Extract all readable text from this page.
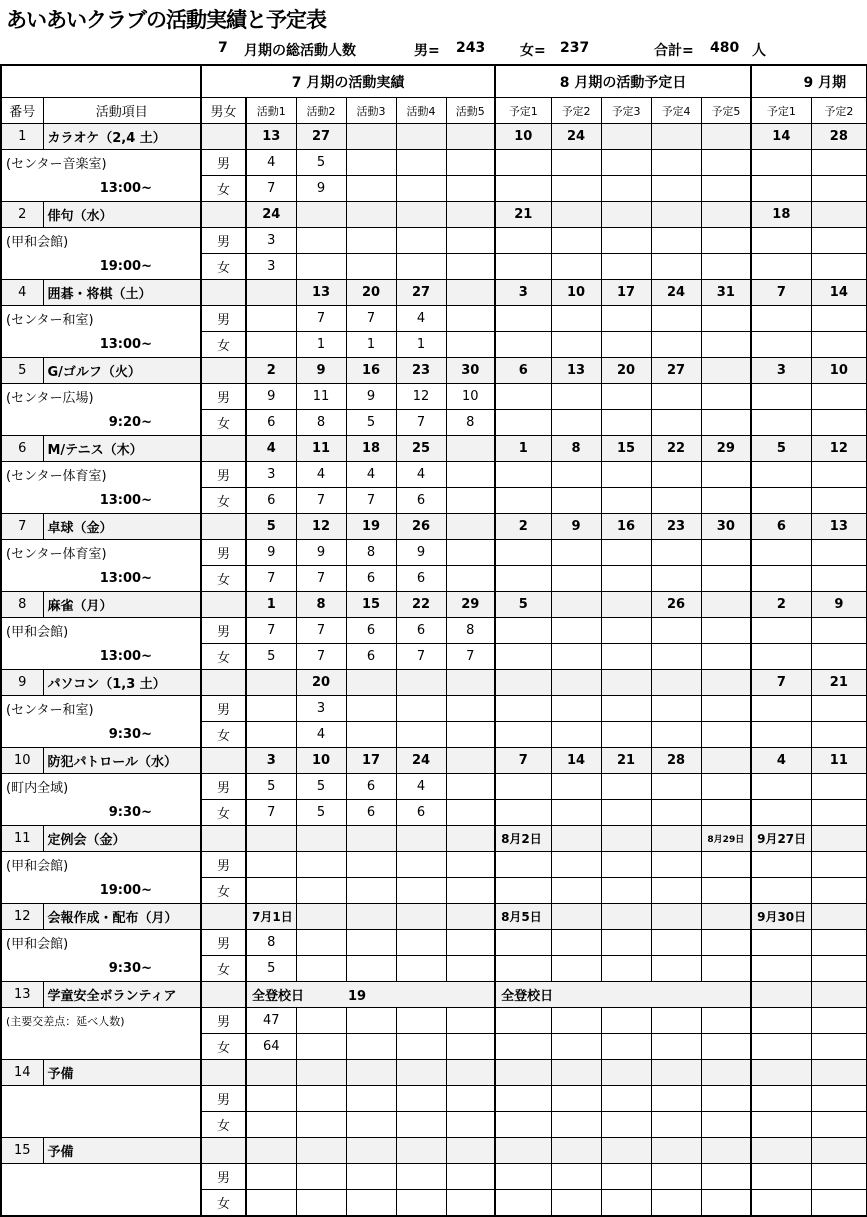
あいあいクラブの活動実績と予定表
7 月期の総活動人数	男= 243 女= 237	合計= 480 人
		7 月期の活動実績						8 月期の活動予定日					9 月期	
番号	活動項目	男女	活動1	活動2	活動3	活動4	活動5	予定1	予定2	予定3	予定4	予定5	予定1	予定2
1	カラオケ（2,4 土）		13	27				10	24				14	28
(センター音楽室)		男	4	5										
13:00~		女	7	9										
2	俳句（水）		24					21					18	
(甲和会館)		男	3											
19:00~		女	3											
4	囲碁・将棋（土）			13	20	27		3	10	17	24	31	7	14
(センター和室)		男		7	7	4								
13:00~		女		1	1	1								
5	G/ゴルフ（火）		2	9	16	23	30	6	13	20	27		3	10
(センター広場)		男	9	11	9	12	10							
9:20~		女	6	8	5	7	8							
6	M/テニス（木）		4	11	18	25		1	8	15	22	29	5	12
(センター体育室)		男	3	4	4	4								
13:00~		女	6	7	7	6								
7	卓球（金）		5	12	19	26		2	9	16	23	30	6	13
(センター体育室)		男	9	9	8	9								
13:00~		女	7	7	6	6								
8	麻雀（月）		1	8	15	22	29	5			26		2	9
(甲和会館)		男	7	7	6	6	8							
13:00~		女	5	7	6	7	7							
9	パソコン（1,3 土）			20									7	21
(センター和室)		男		3										
9:30~		女		4										
10	防犯パトロール（水）		3	10	17	24		7	14	21	28		4	11
(町内全域)		男	5	5	6	4								
9:30~		女	7	5	6	6								
11	定例会（金）							8月2日				8月29日	9月27日	
(甲和会館)		男												
19:00~		女												
12	会報作成・配布（月）		7月1日					8月5日					9月30日	
(甲和会館)		男	8											
9:30~		女	5											
13	学童安全ボランティア		全登校日 19					全登校日						
(主要交差点：延べ人数)		男	47											
		女	64											
14	予備													
		男												
		女												
15	予備													
		男												
		女												
